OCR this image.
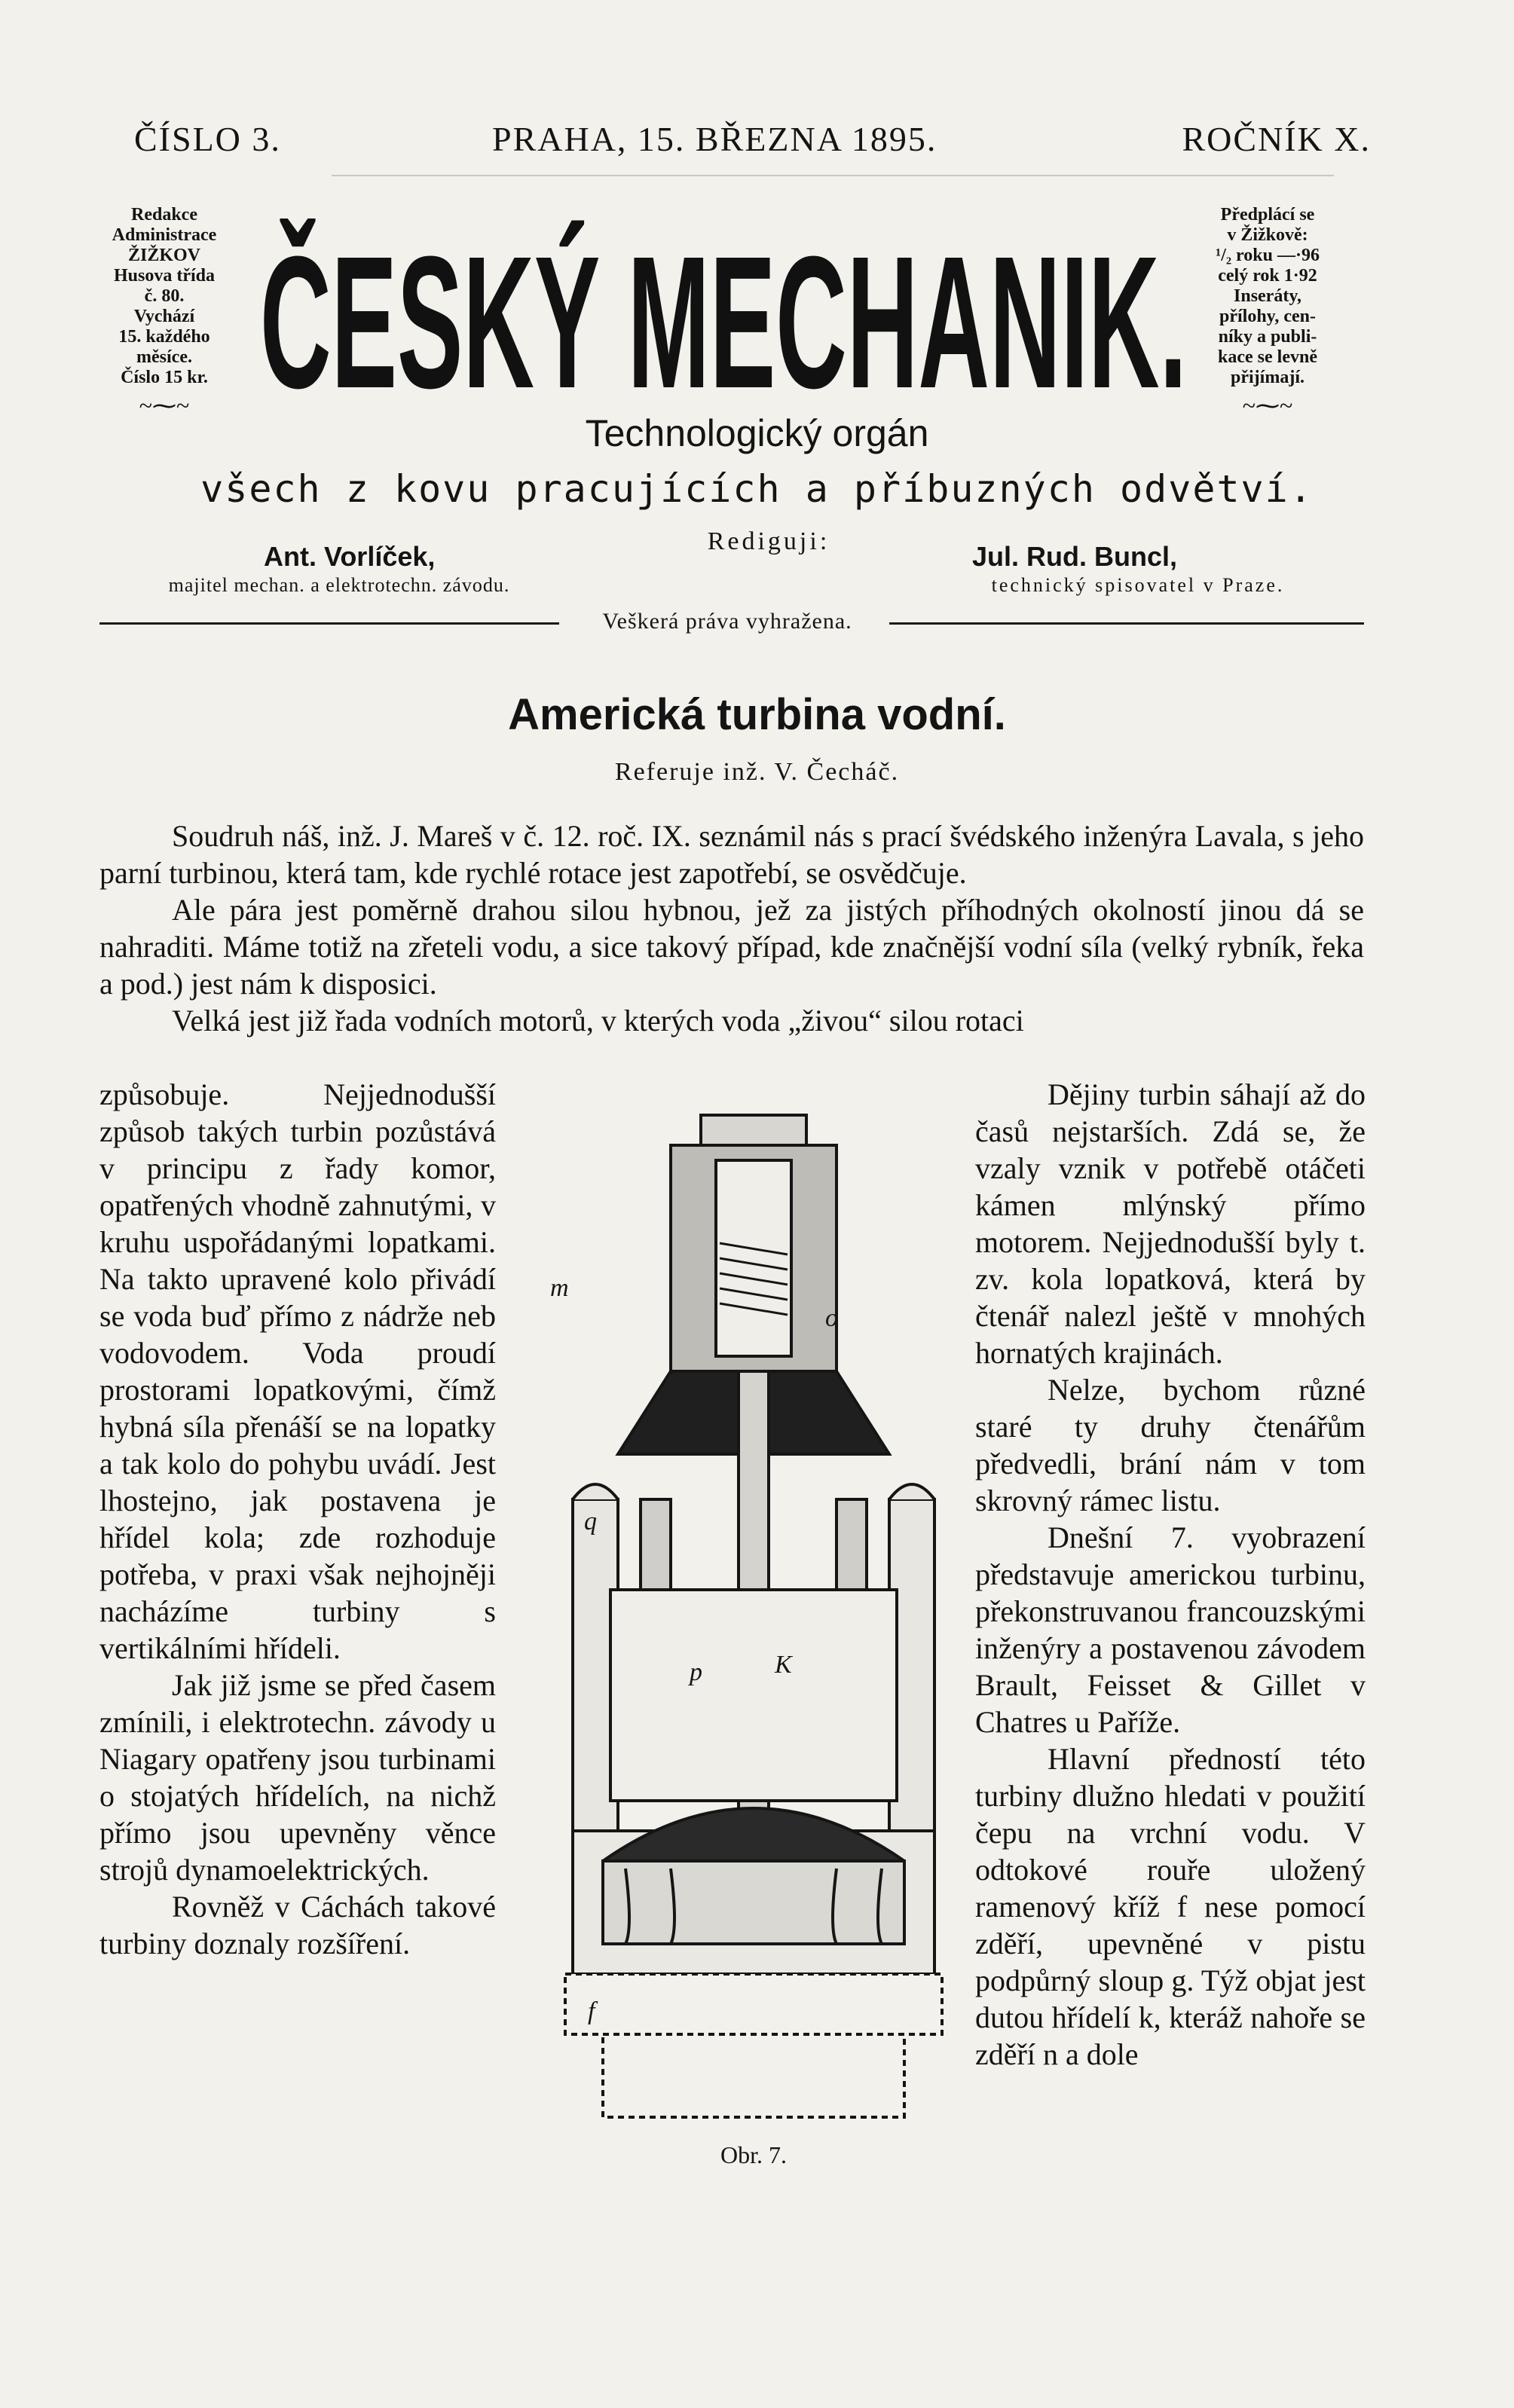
ČÍSLO 3.	PRAHA, 15. BŘEZNA 1895.	ROČNÍK X.
Redakce
Administrace
ŽIŽKOV
Husova třída
č. 80.
Vychází
15. každého
měsíce.
Číslo 15 kr.
~⁓~ ČESKÝ MECHANIK.
Předplácí se
v Žižkově:
¹/₂ roku —·96
celý rok 1·92
Inseráty,
přílohy, cen-
níky a publi-
kace se levně
přijímají.
~⁓~
Technologický orgán
všech z kovu pracujících a příbuzných odvětví.
Rediguji:
Ant. Vorlíček,
majitel mechan. a elektrotechn. závodu.
Jul. Rud. Buncl,
technický spisovatel v Praze.
Veškerá práva vyhražena.
Americká turbina vodní.
Referuje inž. V. Čecháč.

Soudruh náš, inž. J. Mareš v č. 12. roč. IX. seznámil nás s prací švédského inženýra Lavala, s jeho parní turbinou, která tam, kde rychlé rotace jest zapotřebí, se osvědčuje.

Ale pára jest poměrně drahou silou hybnou, jež za jistých příhodných okolností jinou dá se nahraditi. Máme totiž na zřeteli vodu, a sice takový případ, kde značnější vodní síla (velký rybník, řeka a pod.) jest nám k disposici.

Velká jest již řada vodních motorů, v kterých voda „živou“ silou rotaci

způsobuje. Nejjednodušší způsob takých turbin pozůstává v principu z řady komor, opatřených vhodně zahnutými, v kruhu uspořádanými lopatkami. Na takto upravené kolo přivádí se voda buď přímo z nádrže neb vodovodem. Voda proudí prostorami lopatkovými, čímž hybná síla přenáší se na lopatky a tak kolo do pohybu uvádí. Jest lhostejno, jak postavena je hřídel kola; zde rozhoduje potřeba, v praxi však nejhojněji nacházíme turbiny s vertikálními hřídeli.

Jak již jsme se před časem zmínili, i elektrotechn. závody u Niagary opatřeny jsou turbinami o stojatých hřídelích, na nichž přímo jsou upevněny věnce strojů dynamoelektrických.

Rovněž v Cáchách takové turbiny doznaly rozšíření.

m
o
q
p	K
f
Obr. 7.

Dějiny turbin sáhají až do časů nejstarších. Zdá se, že vzaly vznik v potřebě otáčeti kámen mlýnský přímo motorem. Nejjednodušší byly t. zv. kola lopatková, která by čtenář nalezl ještě v mnohých hornatých krajinách.

Nelze, bychom různé staré ty druhy čtenářům předvedli, brání nám v tom skrovný rámec listu.

Dnešní 7. vyobrazení představuje americkou turbinu, překonstruvanou francouzskými inženýry a postavenou závodem Brault, Feisset & Gillet v Chatres u Paříže.

Hlavní předností této turbiny dlužno hledati v použití čepu na vrchní vodu. V odtokové rouře uložený ramenový kříž f nese pomocí zděří, upevněné v pistu podpůrný sloup g. Týž objat jest dutou hřídelí k, kteráž nahoře se zděří n a dole
